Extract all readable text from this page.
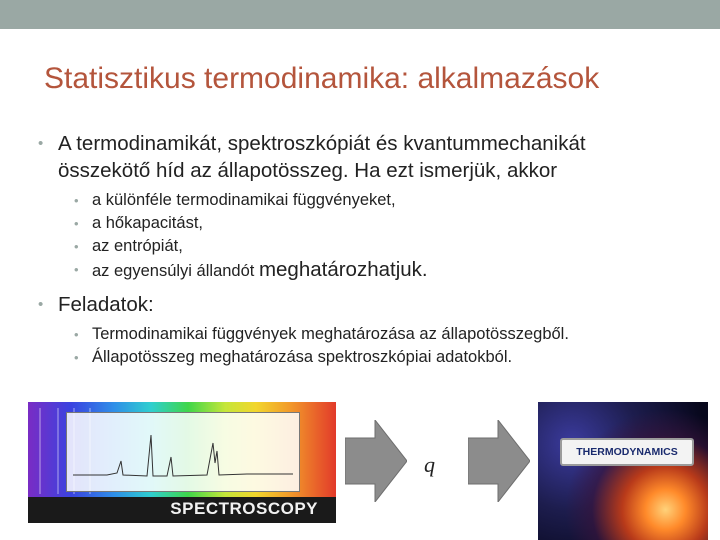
Statisztikus termodinamika: alkalmazások
• A termodinamikát, spektroszkópiát és kvantummechanikát
összekötő híd az állapotösszeg. Ha ezt ismerjük, akkor
• a különféle termodinamikai függvényeket,
• a hőkapacitást,
• az entrópiát,
• az egyensúlyi állandót meghatározhatjuk.
• Feladatok:
• Termodinamikai függvények meghatározása az állapotösszegből.
• Állapotösszeg meghatározása spektroszkópiai adatokból.
SPECTROSCOPY
q	THERMODYNAMICS
